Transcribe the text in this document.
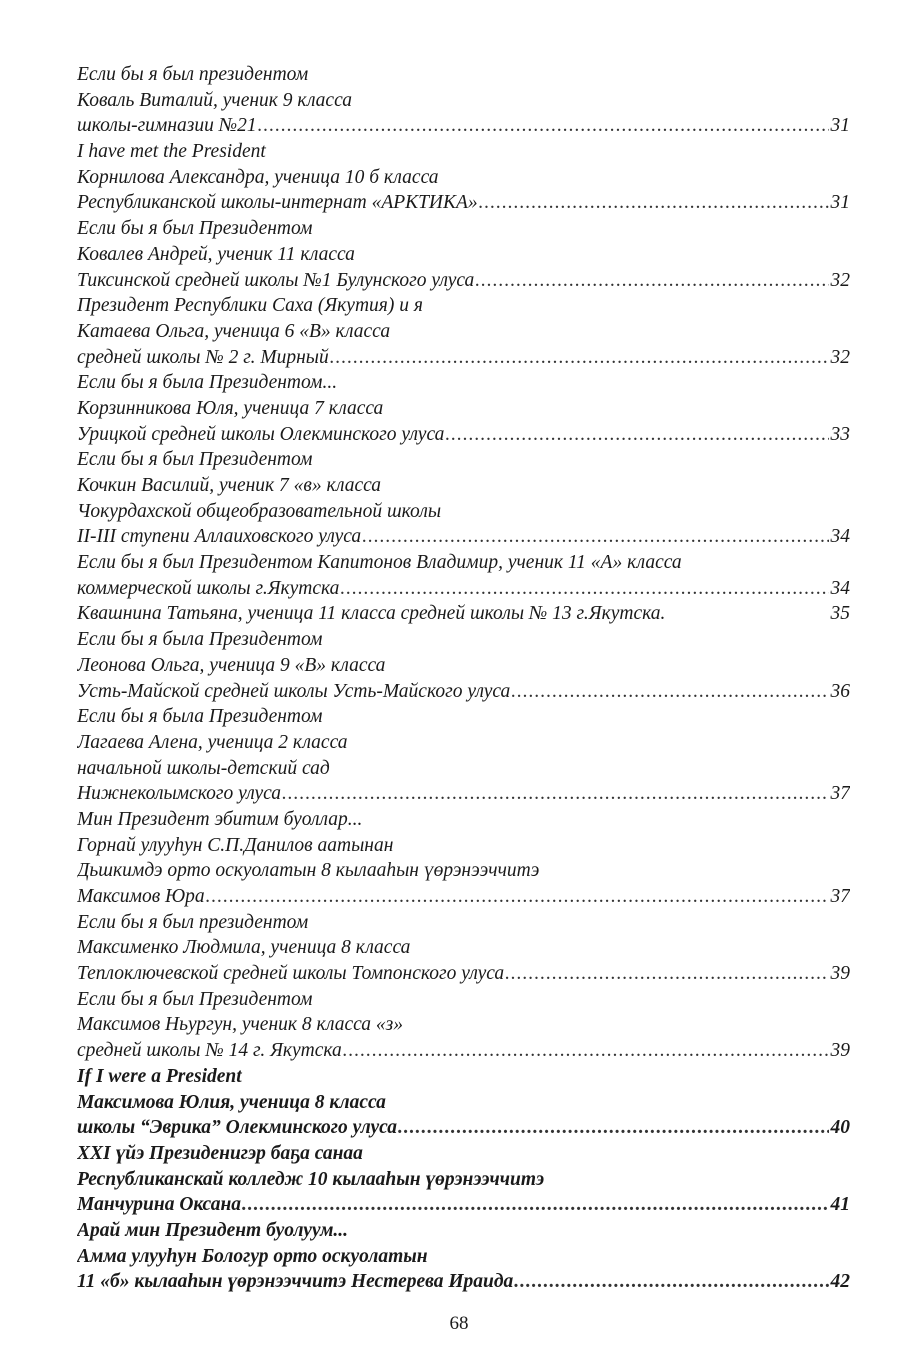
Если бы я был президентом
Коваль Виталий, ученик 9 класса
школы-гимназии №21 .....	31
I have met the President
Корнилова Александра, ученица 10 б класса
Республиканской школы-интернат «АРКТИКА» .....	31
Если бы я был Президентом
Ковалев Андрей, ученик 11 класса
Тиксинской средней школы №1 Булунского улуса .....	32
Президент Республики Саха (Якутия) и я
Катаева Ольга, ученица 6 «В» класса
средней школы № 2 г. Мирный .....	32
Если бы я была Президентом...
Корзинникова Юля, ученица 7 класса
Урицкой средней школы Олекминского улуса .....	33
Если бы я был Президентом
Кочкин Василий, ученик 7 «в» класса
Чокурдахской общеобразовательной школы
II-III ступени Аллаиховского улуса .....	34
Если бы я был Президентом Капитонов Владимир, ученик 11 «А» класса
коммерческой школы г.Якутска .....	34
Квашнина Татьяна, ученица 11 класса средней школы № 13 г.Якутска.	35
Если бы я была Президентом
Леонова Ольга, ученица 9 «В» класса
Усть-Майской средней школы Усть-Майского улуса .....	36
Если бы я была Президентом
Лагаева Алена, ученица 2 класса
начальной школы-детский сад
Нижнеколымского улуса .....	37
Мин Президент эбитим буоллар...
Горнай улууһун С.П.Данилов аатынан
Дьшкимдэ орто оскуолатын 8 кылааһын үөрэнээччитэ
Максимов Юра .....	37
Если бы я был президентом
Максименко Людмила, ученица 8 класса
Теплоключевской средней школы Томпонского улуса .....	39
Если бы я был Президентом
Максимов Ньургун, ученик 8 класса «з»
средней школы № 14 г. Якутска .....	39
If I were a President
Максимова Юлия, ученица 8 класса
школы “Эврика” Олекминского улуса .....	40
XXI үйэ Президенигэр баҕа санаа
Республиканскай колледж 10 кылааһын үөрэнээччитэ
Манчурина Оксана .....	41
Арай мин Президент буолуум...
Амма улууһун Бологур орто оскуолатын
11 «б» кылааһын үөрэнээччитэ Нестерева Ираида .....	42
68
